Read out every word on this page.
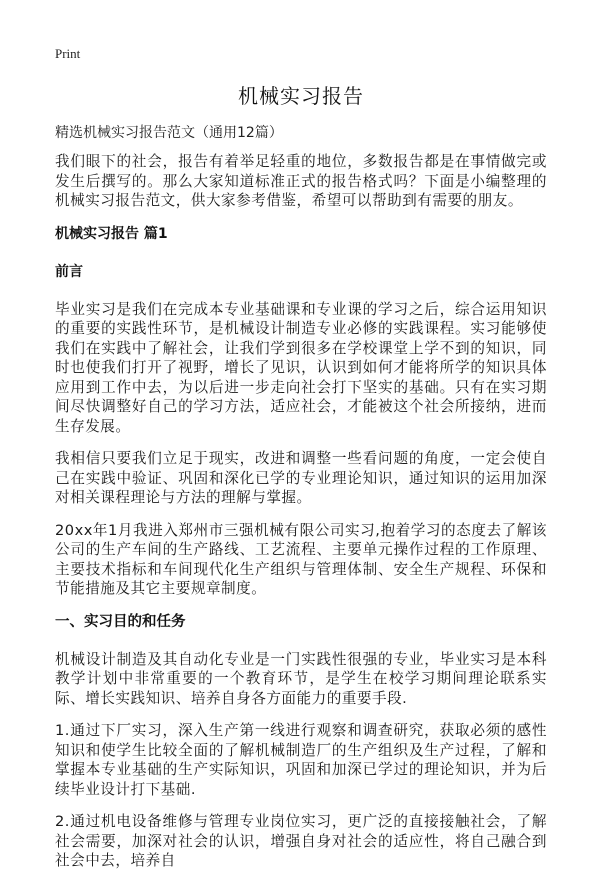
Print
机械实习报告
精选机械实习报告范文（通用12篇）

我们眼下的社会，报告有着举足轻重的地位，多数报告都是在事情做完或发生后撰写的。那么大家知道标准正式的报告格式吗？下面是小编整理的机械实习报告范文，供大家参考借鉴，希望可以帮助到有需要的朋友。

机械实习报告 篇1
前言

毕业实习是我们在完成本专业基础课和专业课的学习之后，综合运用知识的重要的实践性环节，是机械设计制造专业必修的实践课程。实习能够使我们在实践中了解社会，让我们学到很多在学校课堂上学不到的知识，同时也使我们打开了视野，增长了见识，认识到如何才能将所学的知识具体应用到工作中去，为以后进一步走向社会打下坚实的基础。只有在实习期间尽快调整好自己的学习方法，适应社会，才能被这个社会所接纳，进而生存发展。

我相信只要我们立足于现实，改进和调整一些看问题的角度，一定会使自己在实践中验证、巩固和深化已学的专业理论知识，通过知识的运用加深对相关课程理论与方法的理解与掌握。

20xx年1月我进入郑州市三强机械有限公司实习,抱着学习的态度去了解该公司的生产车间的生产路线、工艺流程、主要单元操作过程的工作原理、主要技术指标和车间现代化生产组织与管理体制、安全生产规程、环保和节能措施及其它主要规章制度。

一、实习目的和任务

机械设计制造及其自动化专业是一门实践性很强的专业，毕业实习是本科教学计划中非常重要的一个教育环节，是学生在校学习期间理论联系实际、增长实践知识、培养自身各方面能力的重要手段.

1.通过下厂实习，深入生产第一线进行观察和调查研究，获取必须的感性知识和使学生比较全面的了解机械制造厂的生产组织及生产过程，了解和掌握本专业基础的生产实际知识，巩固和加深已学过的理论知识，并为后续毕业设计打下基础.

2.通过机电设备维修与管理专业岗位实习，更广泛的直接接触社会，了解社会需要，加深对社会的认识，增强自身对社会的适应性，将自己融合到社会中去，培养自
